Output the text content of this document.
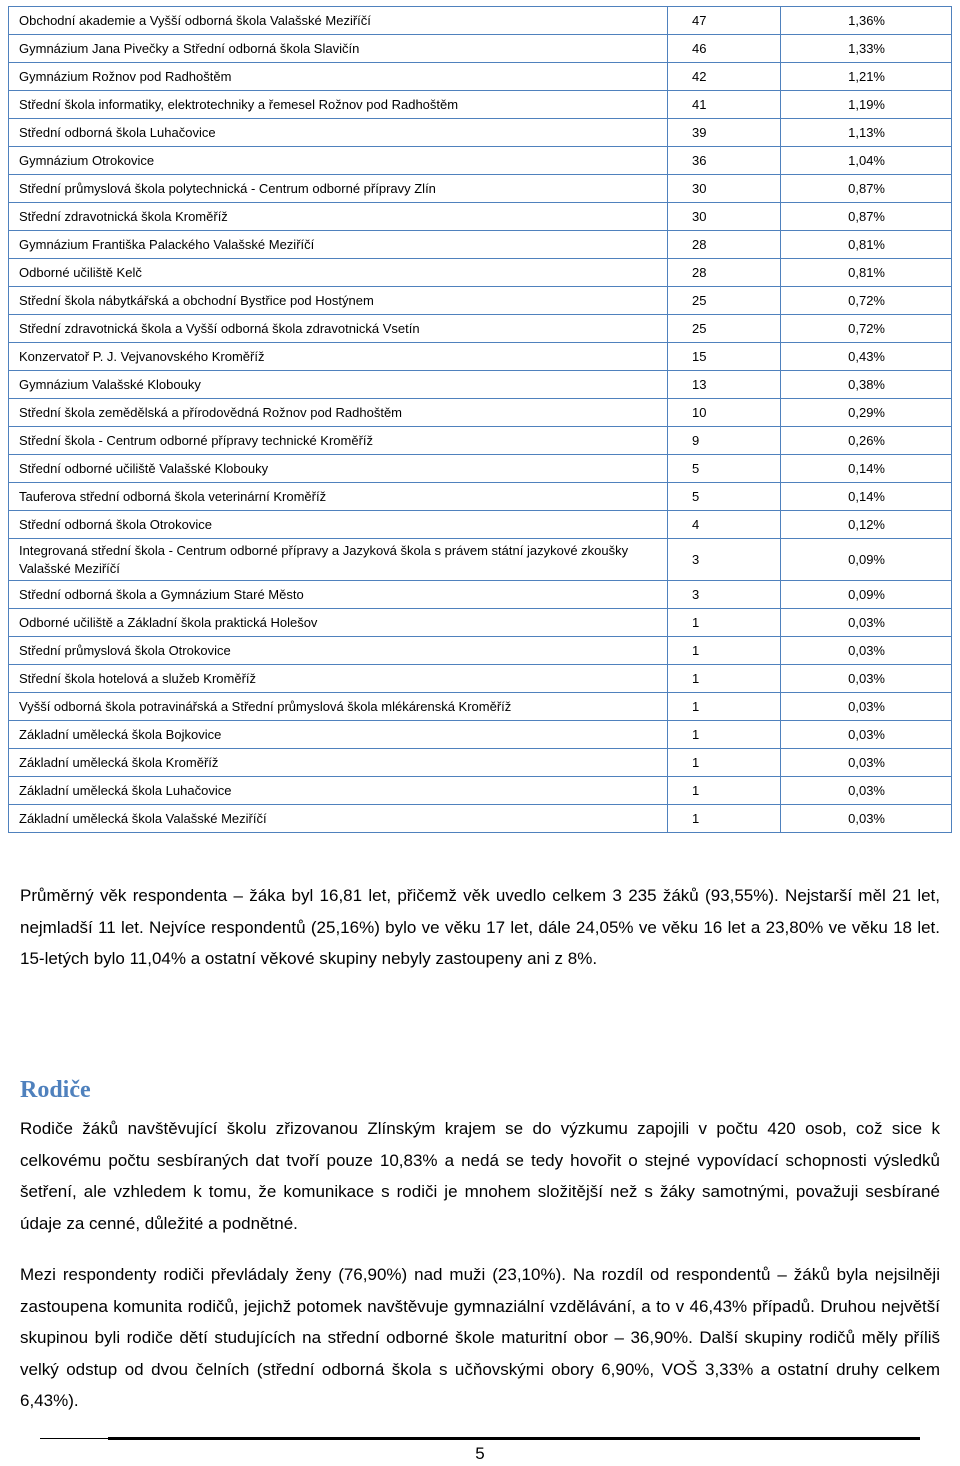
Obchodní akademie a Vyšší odborná škola Valašské Meziříčí	47	1,36%
Gymnázium Jana Pivečky a Střední odborná škola Slavičín	46	1,33%
Gymnázium Rožnov pod Radhoštěm	42	1,21%
Střední škola informatiky, elektrotechniky a řemesel Rožnov pod Radhoštěm	41	1,19%
Střední odborná škola Luhačovice	39	1,13%
Gymnázium Otrokovice	36	1,04%
Střední průmyslová škola polytechnická - Centrum odborné přípravy Zlín	30	0,87%
Střední zdravotnická škola Kroměříž	30	0,87%
Gymnázium Františka Palackého Valašské Meziříčí	28	0,81%
Odborné učiliště Kelč	28	0,81%
Střední škola nábytkářská a obchodní Bystřice pod Hostýnem	25	0,72%
Střední zdravotnická škola a Vyšší odborná škola zdravotnická Vsetín	25	0,72%
Konzervatoř P. J. Vejvanovského Kroměříž	15	0,43%
Gymnázium Valašské Klobouky	13	0,38%
Střední škola zemědělská a přírodovědná Rožnov pod Radhoštěm	10	0,29%
Střední škola - Centrum odborné přípravy technické Kroměříž	9	0,26%
Střední odborné učiliště Valašské Klobouky	5	0,14%
Tauferova střední odborná škola veterinární Kroměříž	5	0,14%
Střední odborná škola Otrokovice	4	0,12%
Integrovaná střední škola - Centrum odborné přípravy a Jazyková škola s právem státní jazykové zkoušky Valašské Meziříčí	3	0,09%
Střední odborná škola a Gymnázium Staré Město	3	0,09%
Odborné učiliště a Základní škola praktická Holešov	1	0,03%
Střední průmyslová škola Otrokovice	1	0,03%
Střední škola hotelová a služeb Kroměříž	1	0,03%
Vyšší odborná škola potravinářská a Střední průmyslová škola mlékárenská Kroměříž	1	0,03%
Základní umělecká škola Bojkovice	1	0,03%
Základní umělecká škola Kroměříž	1	0,03%
Základní umělecká škola Luhačovice	1	0,03%
Základní umělecká škola Valašské Meziříčí	1	0,03%

Průměrný věk respondenta – žáka byl 16,81 let, přičemž věk uvedlo celkem 3 235 žáků (93,55%). Nejstarší měl 21 let, nejmladší 11 let. Nejvíce respondentů (25,16%) bylo ve věku 17 let, dále 24,05% ve věku 16 let a 23,80% ve věku 18 let. 15-letých bylo 11,04% a ostatní věkové skupiny nebyly zastoupeny ani z 8%.

Rodiče

Rodiče žáků navštěvující školu zřizovanou Zlínským krajem se do výzkumu zapojili v počtu 420 osob, což sice k celkovému počtu sesbíraných dat tvoří pouze 10,83% a nedá se tedy hovořit o stejné vypovídací schopnosti výsledků šetření, ale vzhledem k tomu, že komunikace s rodiči je mnohem složitější než s žáky samotnými, považuji sesbírané údaje za cenné, důležité a podnětné.

Mezi respondenty rodiči převládaly ženy (76,90%) nad muži (23,10%). Na rozdíl od respondentů – žáků byla nejsilněji zastoupena komunita rodičů, jejichž potomek navštěvuje gymnaziální vzdělávání, a to v 46,43% případů. Druhou největší skupinou byli rodiče dětí studujících na střední odborné škole maturitní obor – 36,90%. Další skupiny rodičů měly příliš velký odstup od dvou čelních (střední odborná škola s učňovskými obory 6,90%, VOŠ 3,33% a ostatní druhy celkem 6,43%).

5
